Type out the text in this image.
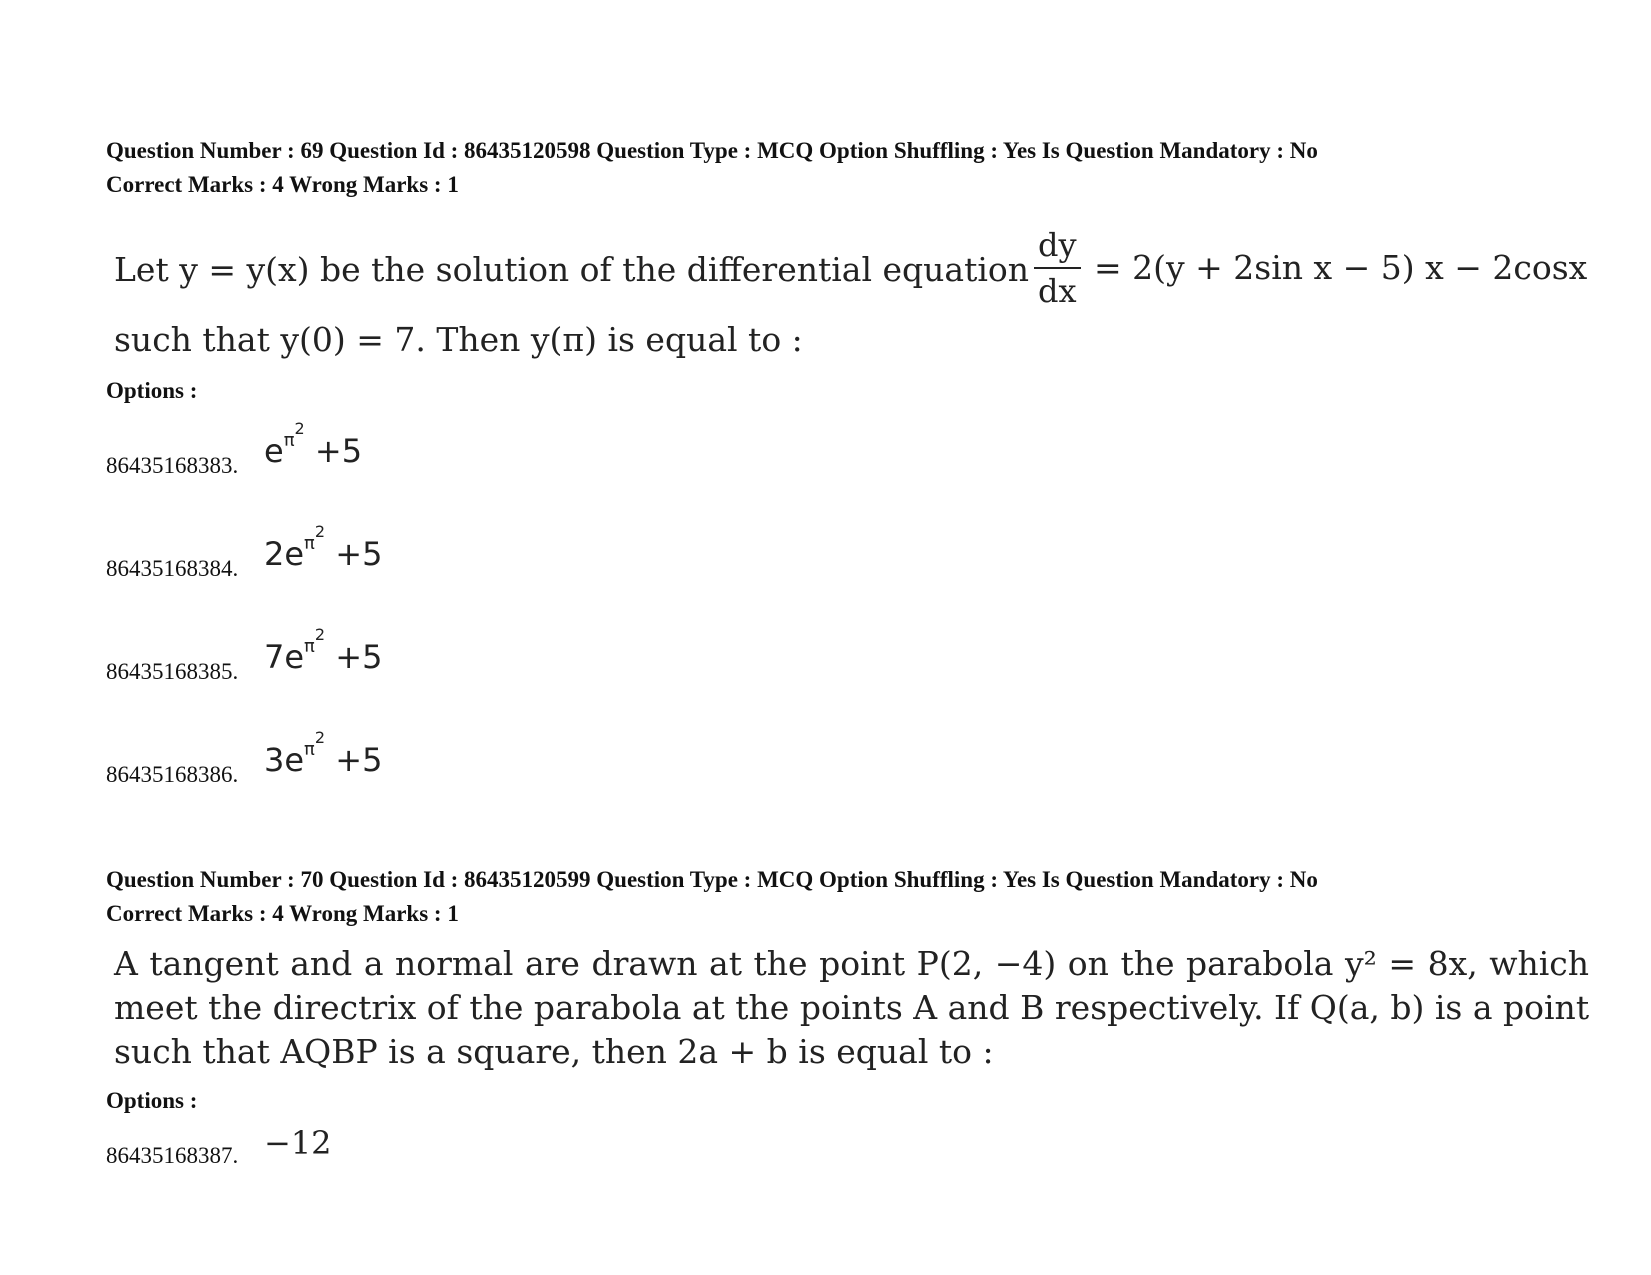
Question Number : 69 Question Id : 86435120598 Question Type : MCQ Option Shuffling : Yes Is Question Mandatory : No
Correct Marks : 4 Wrong Marks : 1
Let y = y(x) be the solution of the differential equation $\frac{dy}{dx} = 2(y + 2\sin$ x − 5) x − 2cosx
such that y(0) = 7. Then y(π) is equal to :
Options :
86435168383. $e^{\pi 2} +5$
86435168384. $2e^{\pi 2} +5$
86435168385. $7e^{\pi 2} +5$
86435168386. $3e^{\pi 2} +5$
Question Number : 70 Question Id : 86435120599 Question Type : MCQ Option Shuffling : Yes Is Question Mandatory : No
Correct Marks : 4 Wrong Marks : 1
A tangent and a normal are drawn at the point P(2, −4) on the parabola y² = 8x, which
meet the directrix of the parabola at the points A and B respectively. If Q(a, b) is a point
such that AQBP is a square, then 2a + b is equal to :
Options :
86435168387. −12
